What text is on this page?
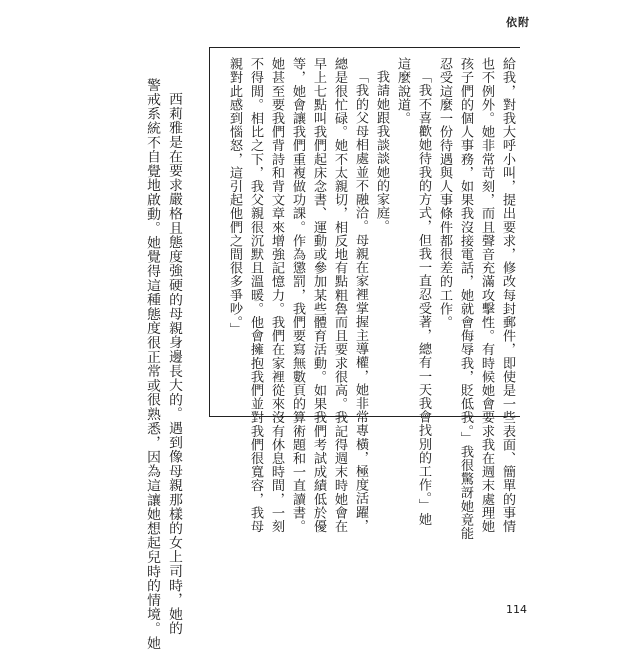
依附

給我，對我大呼小叫，提出要求，修改每封郵件，即使是一些表面、簡單的事情

也不例外。她非常苛刻，而且聲音充滿攻擊性。有時候她會要求我在週末處理她

孩子們的個人事務，如果我沒接電話，她就會侮辱我，貶低我。」我很驚訝她竟能

忍受這麼一份待遇與人事條件都很差的工作。

「我不喜歡她待我的方式，但我一直忍受著，總有一天我會找別的工作。」她

這麼說道。

我請她跟我談談她的家庭。

「我的父母相處並不融洽。母親在家裡掌握主導權，她非常專橫，極度活躍，

總是很忙碌。她不太親切，相反地有點粗魯而且要求很高。我記得週末時她會在

早上七點叫我們起床念書、運動或參加某些體育活動。如果我們考試成績低於優

等，她會讓我們重複做功課。作為懲罰，我們要寫無數頁的算術題和一直讀書。

她甚至要我們背詩和背文章來增強記憶力。我們在家裡從來沒有休息時間，一刻

不得閒。相比之下，我父親很沉默且溫暖。他會擁抱我們並對我們很寬容，我母

親對此感到惱怒，這引起他們之間很多爭吵。」

西莉雅是在要求嚴格且態度強硬的母親身邊長大的。遇到像母親那樣的女上司時，她的

警戒系統不自覺地啟動。她覺得這種態度很正常或很熟悉，因為這讓她想起兒時的情境。她	114
